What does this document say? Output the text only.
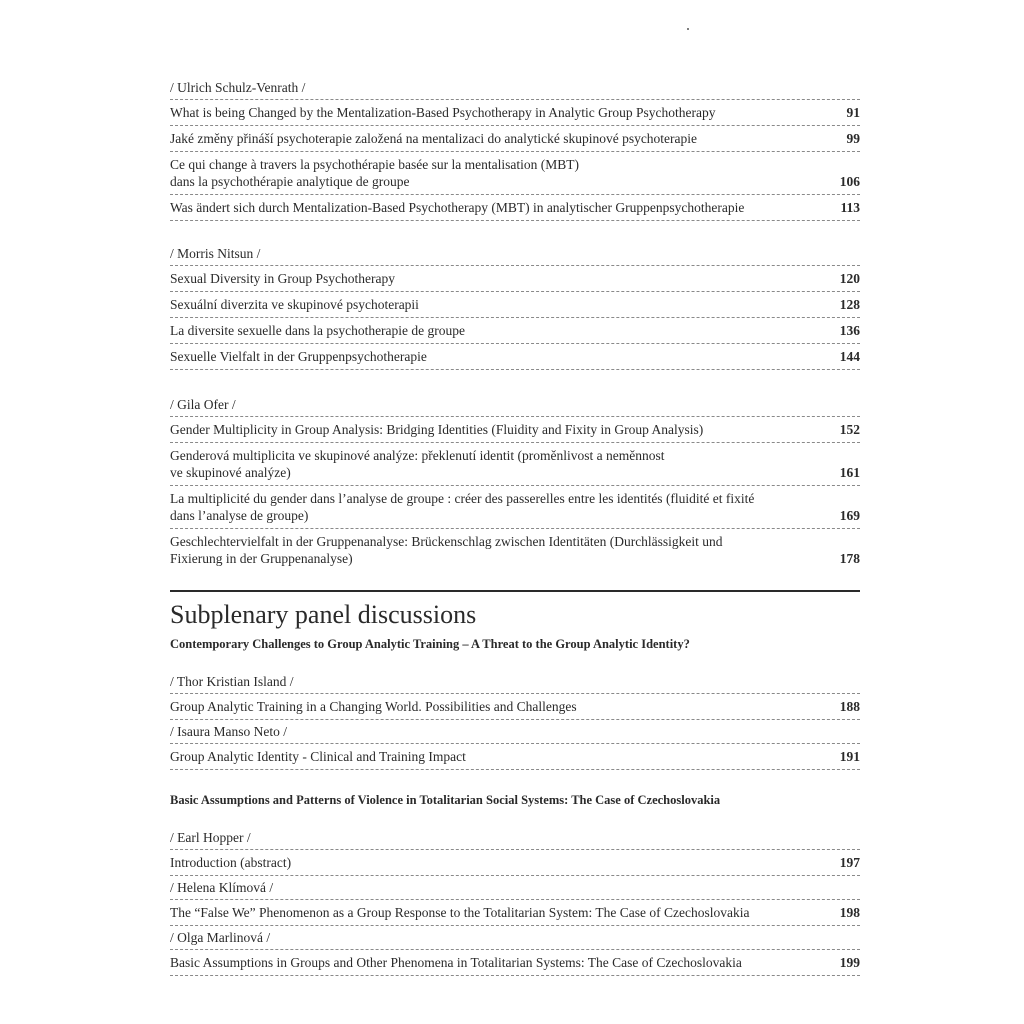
/ Ulrich Schulz-Venrath /
What is being Changed by the Mentalization-Based Psychotherapy in Analytic Group Psychotherapy	91
Jaké změny přináší psychoterapie založená na mentalizaci do analytické skupinové psychoterapie	99
Ce qui change à travers la psychothérapie basée sur la mentalisation (MBT)
dans la psychothérapie analytique de groupe	106
Was ändert sich durch Mentalization-Based Psychotherapy (MBT) in analytischer Gruppenpsychotherapie	113
/ Morris Nitsun /
Sexual Diversity in Group Psychotherapy	120
Sexuální diverzita ve skupinové psychoterapii	128
La diversite sexuelle dans la psychotherapie de groupe	136
Sexuelle Vielfalt in der Gruppenpsychotherapie	144
/ Gila Ofer /
Gender Multiplicity in Group Analysis: Bridging Identities (Fluidity and Fixity in Group Analysis)	152
Genderová multiplicita ve skupinové analýze: překlenutí identit (proměnlivost a neměnnost
ve skupinové analýze)	161
La multiplicité du gender dans l’analyse de groupe : créer des passerelles entre les identités (fluidité et fixité
dans l’analyse de groupe)	169
Geschlechtervielfalt in der Gruppenanalyse: Brückenschlag zwischen Identitäten (Durchlässigkeit und
Fixierung in der Gruppenanalyse)	178
Subplenary panel discussions
Contemporary Challenges to Group Analytic Training – A Threat to the Group Analytic Identity?
/ Thor Kristian Island /
Group Analytic Training in a Changing World. Possibilities and Challenges	188
/ Isaura Manso Neto /
Group Analytic Identity - Clinical and Training Impact	191
Basic Assumptions and Patterns of Violence in Totalitarian Social Systems: The Case of Czechoslovakia
/ Earl Hopper /
Introduction (abstract)	197
/ Helena Klímová /
The “False We” Phenomenon as a Group Response to the Totalitarian System: The Case of Czechoslovakia	198
/ Olga Marlinová /
Basic Assumptions in Groups and Other Phenomena in Totalitarian Systems: The Case of Czechoslovakia	199
